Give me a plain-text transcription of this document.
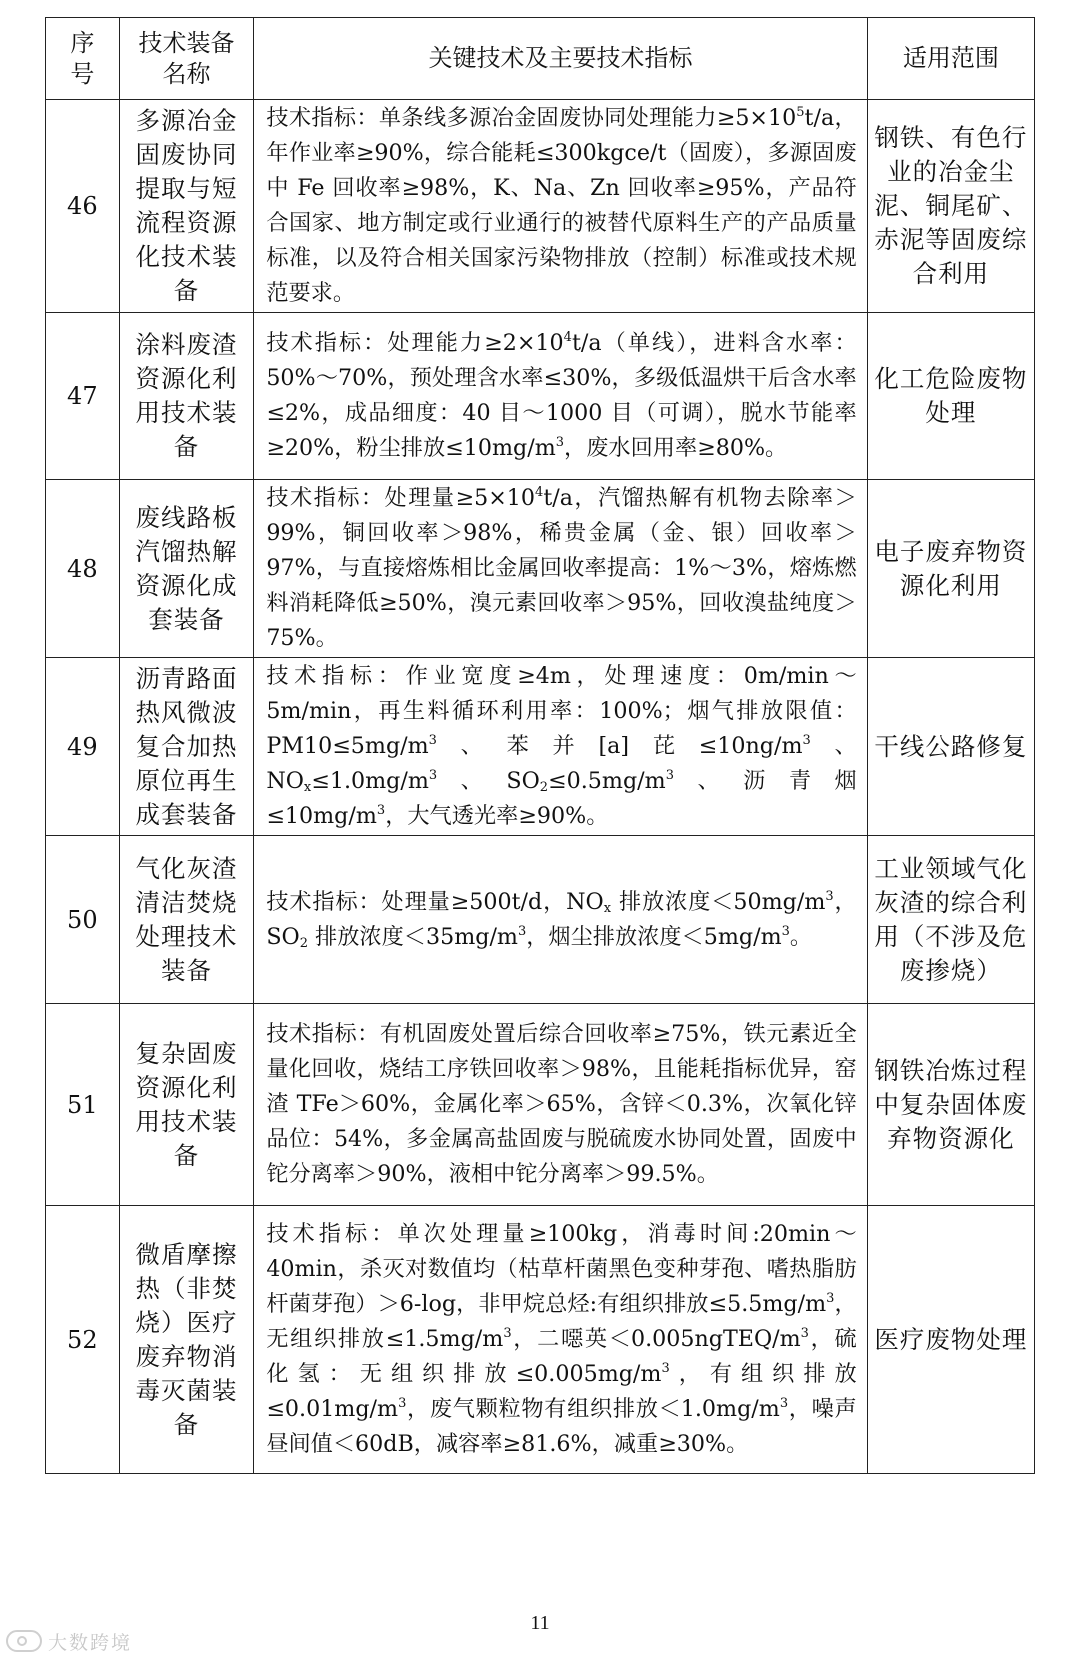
序号	技术装备名称	关键技术及主要技术指标	适用范围
46	多源冶金固废协同提取与短流程资源化技术装备	技术指标：单条线多源冶金固废协同处理能力$\ge 5\times 10^5t/a$，年作业率≥90%，综合能耗≤300kgce/t（固废），多源固废中 Fe 回收率≥98%，K、Na、Zn 回收率≥95%，产品符合国家、地方制定或行业通行的被替代原料生产的产品质量标准，以及符合相关国家污染物排放（控制）标准或技术规范要求。	钢铁、有色行业的冶金尘泥、铜尾矿、赤泥等固废综合利用
47	涂料废渣资源化利用技术装备	技术指标：处理能力$\ge 2\times 10^4t/a$（单线），进料含水率：50%～70%，预处理含水率≤30%，多级低温烘干后含水率≤2%，成品细度：40 目～1000 目（可调），脱水节能率≥20%，粉尘排放$\le 10mg/m^3$，废水回用率≥80%。	化工危险废物处理
48	废线路板汽馏热解资源化成套装备	技术指标：处理量$\ge 5\times 10^4t/a$，汽馏热解有机物去除率＞99%，铜回收率＞98%，稀贵金属（金、银）回收率＞97%，与直接熔炼相比金属回收率提高：1%～3%，熔炼燃料消耗降低≥50%，溴元素回收率＞95%，回收溴盐纯度＞75%。	电子废弃物资源化利用
49	沥青路面热风微波复合加热原位再生成套装备	技术指标：作业宽度≥4m，处理速度：0m/min～5m/min，再生料循环利用率：100%；烟气排放限值：$PM10\le 5mg/m^3$、苯并[a]芘$\le 10ng/m^3$、$NO_x\le 1.0mg/m^3$、$SO_2\le 0.5mg/m^3$、沥青烟$\le 10mg/m^3$，大气透光率≥90%。	干线公路修复
50	气化灰渣清洁焚烧处理技术装备	技术指标：处理量≥500t/d，$NO_x$ 排放浓度$<50mg/m^3$，$SO_2$ 排放浓度$<35mg/m^3$，烟尘排放浓度$<5mg/m^3$。	工业领域气化灰渣的综合利用（不涉及危废掺烧）
51	复杂固废资源化利用技术装备	技术指标：有机固废处置后综合回收率≥75%，铁元素近全量化回收，烧结工序铁回收率＞98%，且能耗指标优异，窑渣 TFe＞60%，金属化率＞65%，含锌＜0.3%，次氧化锌品位：54%，多金属高盐固废与脱硫废水协同处置，固废中铊分离率＞90%，液相中铊分离率＞99.5%。	钢铁冶炼过程中复杂固体废弃物资源化
52	微盾摩擦热（非焚烧）医疗废弃物消毒灭菌装备	技术指标：单次处理量≥100kg，消毒时间:20min～40min，杀灭对数值均（枯草杆菌黑色变种芽孢、嗜热脂肪杆菌芽孢）＞6-log，非甲烷总烃:有组织排放$\le 5.5mg/m^3$，无组织排放$\le 1.5mg/m^3$，二噁英$<0.005ngTEQ/m^3$，硫化氢：无组织排放$\le 0.005mg/m^3$，有组织排放$\le 0.01mg/m^3$，废气颗粒物有组织排放$<1.0mg/m^3$，噪声昼间值＜60dB，减容率≥81.6%，减重≥30%。	医疗废物处理
11
大数跨境
